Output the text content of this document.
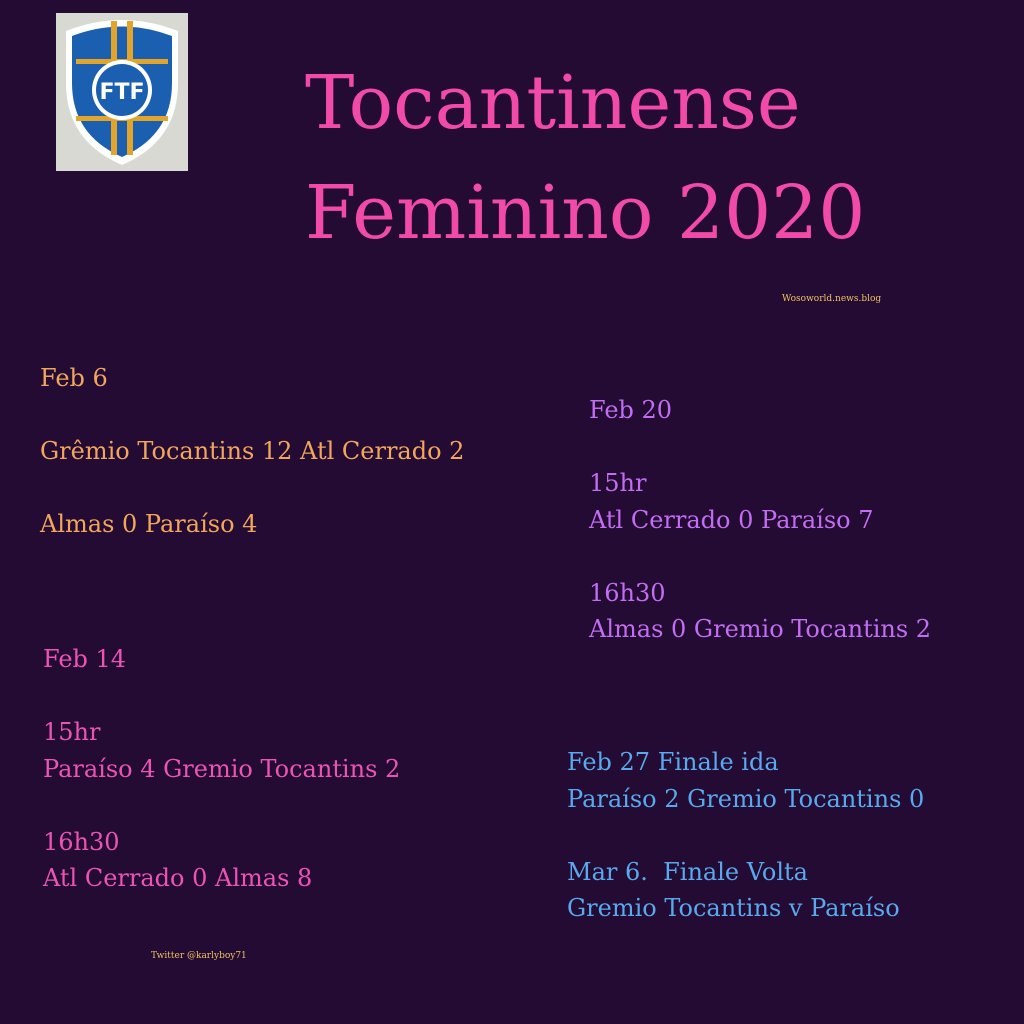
FTF Tocantinense
Feminino 2020
Wosoworld.news.blog
Feb 6
Grêmio Tocantins 12 Atl Cerrado 2
Almas 0 Paraíso 4
Feb 20
15hr
Atl Cerrado 0 Paraíso 7
16h30
Almas 0 Gremio Tocantins 2
Feb 14
15hr
Paraíso 4 Gremio Tocantins 2
16h30
Atl Cerrado 0 Almas 8
Feb 27 Finale ida
Paraíso 2 Gremio Tocantins 0
Mar 6.  Finale Volta
Gremio Tocantins v Paraíso
Twitter @karlyboy71
